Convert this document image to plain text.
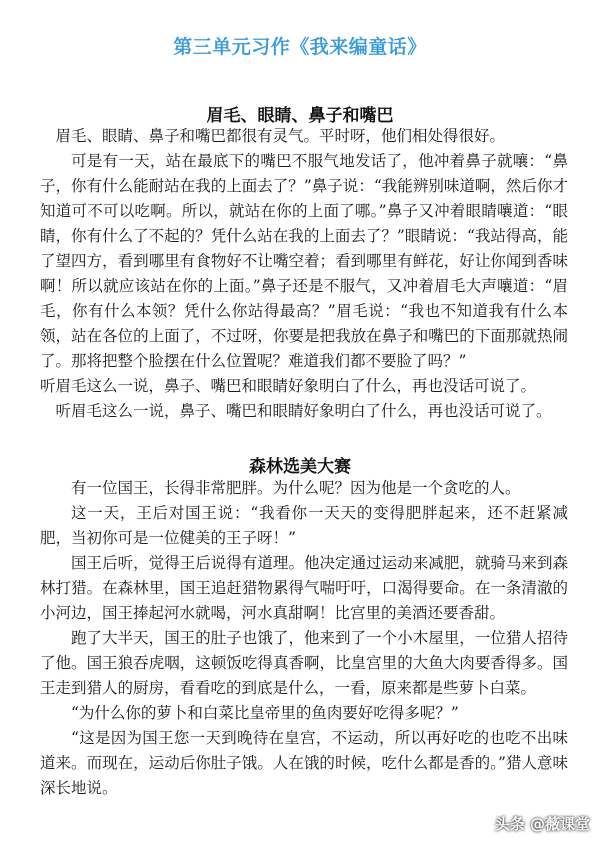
第三单元习作《我来编童话》
眉毛、眼睛、鼻子和嘴巴

眉毛、眼睛、鼻子和嘴巴都很有灵气。平时呀，他们相处得很好。

可是有一天，站在最底下的嘴巴不服气地发话了，他冲着鼻子就嚷：“鼻子，你有什么能耐站在我的上面去了？”鼻子说：“我能辨别味道啊，然后你才知道可不可以吃啊。所以，就站在你的上面了哪。”鼻子又冲着眼睛嚷道：“眼睛，你有什么了不起的？凭什么站在我的上面去了？”眼睛说：“我站得高，能了望四方，看到哪里有食物好不让嘴空着；看到哪里有鲜花，好让你闻到香味啊！所以就应该站在你的上面。”鼻子还是不服气，又冲着眉毛大声嚷道：“眉毛，你有什么本领？凭什么你站得最高？”眉毛说：“我也不知道我有什么本领，站在各位的上面了，不过呀，你要是把我放在鼻子和嘴巴的下面那就热闹了。那将把整个脸摆在什么位置呢？难道我们都不要脸了吗？”

听眉毛这么一说，鼻子、嘴巴和眼睛好象明白了什么，再也没话可说了。

听眉毛这么一说，鼻子、嘴巴和眼睛好象明白了什么，再也没话可说了。

森林选美大赛

有一位国王，长得非常肥胖。为什么呢？因为他是一个贪吃的人。

这一天，王后对国王说：“我看你一天天的变得肥胖起来，还不赶紧减肥，当初你可是一位健美的王子呀！”

国王后听，觉得王后说得有道理。他决定通过运动来减肥，就骑马来到森林打猎。在森林里，国王追赶猎物累得气喘吁吁，口渴得要命。在一条清澈的小河边，国王捧起河水就喝，河水真甜啊！比宫里的美酒还要香甜。

跑了大半天，国王的肚子也饿了，他来到了一个小木屋里，一位猎人招待了他。国王狼吞虎咽，这顿饭吃得真香啊，比皇宫里的大鱼大肉要香得多。国王走到猎人的厨房，看看吃的到底是什么，一看，原来都是些萝卜白菜。

“为什么你的萝卜和白菜比皇帝里的鱼肉要好吃得多呢？”

“这是因为国王您一天到晚待在皇宫，不运动，所以再好吃的也吃不出味道来。而现在，运动后你肚子饿。人在饿的时候，吃什么都是香的。”猎人意味深长地说。

头条 @薇课堂
